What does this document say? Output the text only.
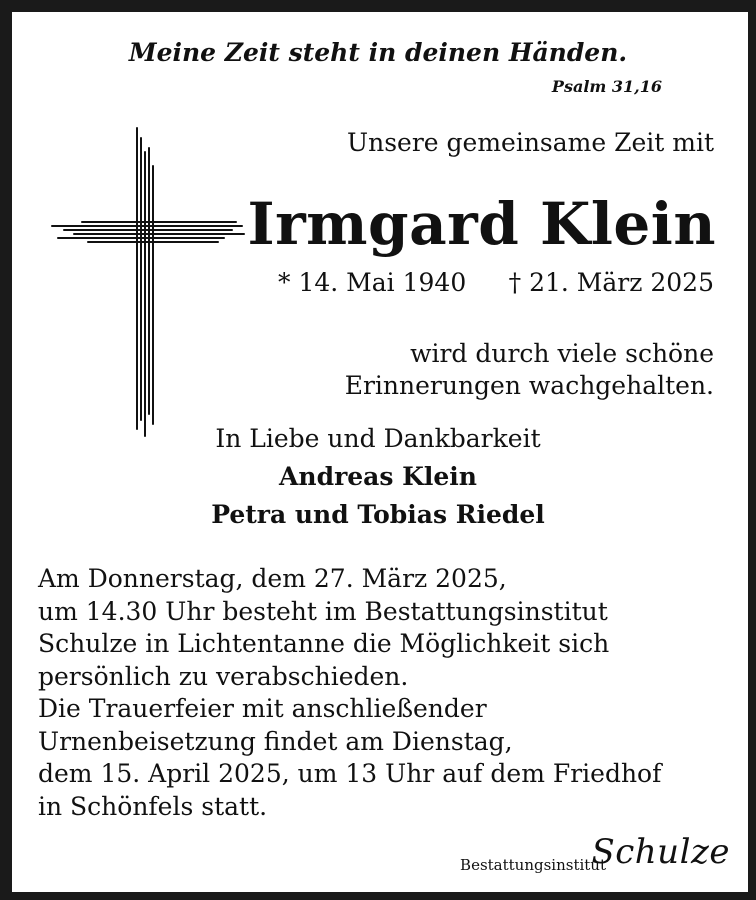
Meine Zeit steht in deinen Händen.
Psalm 31,16
Unsere gemeinsame Zeit mit
Irmgard Klein
* 14. Mai 1940 † 21. März 2025
wird durch viele schöne
Erinnerungen wachgehalten.
In Liebe und Dankbarkeit
Andreas Klein
Petra und Tobias Riedel
Am Donnerstag, dem 27. März 2025,
um 14.30 Uhr besteht im Bestattungsinstitut
Schulze in Lichtentanne die Möglichkeit sich
persönlich zu verabschieden.
Die Trauerfeier mit anschließender
Urnenbeisetzung findet am Dienstag,
dem 15. April 2025, um 13 Uhr auf dem Friedhof
in Schönfels statt.
Bestattungsinstitut
Schulze
